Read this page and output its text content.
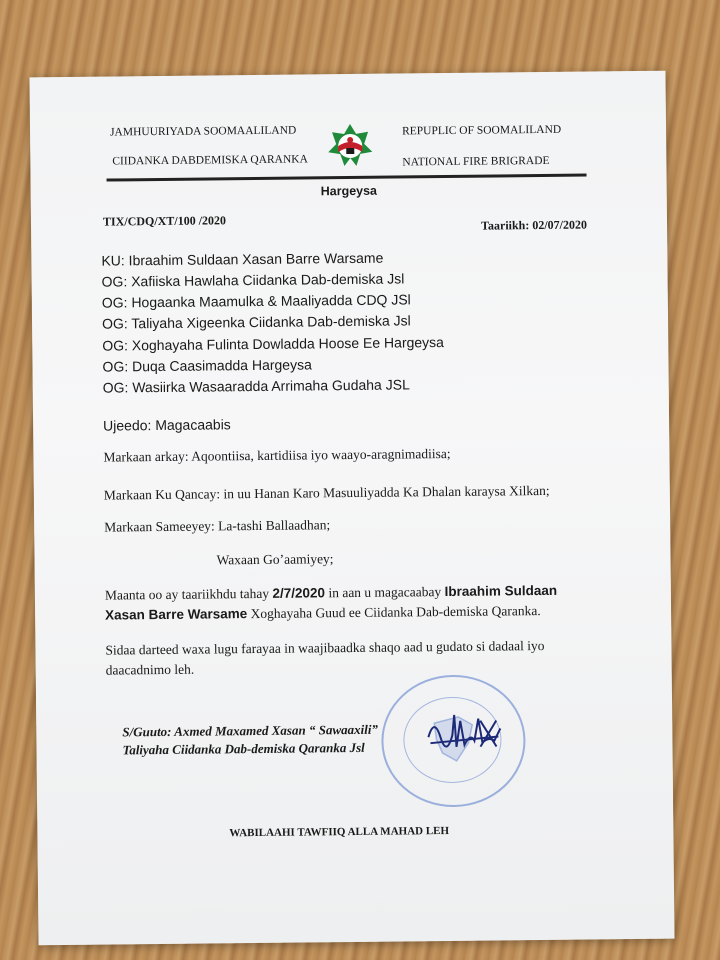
JAMHUURIYADA SOOMAALILAND
CIIDANKA DABDEMISKA QARANKA
REPUPLIC OF SOOMALILAND
NATIONAL FIRE BRIGRADE
Hargeysa
TIX/CDQ/XT/100 /2020	Taariikh: 02/07/2020
KU: Ibraahim Suldaan Xasan Barre Warsame
OG: Xafiiska Hawlaha Ciidanka Dab-demiska Jsl
OG: Hogaanka Maamulka & Maaliyadda CDQ JSl
OG: Taliyaha Xigeenka Ciidanka Dab-demiska Jsl
OG: Xoghayaha Fulinta Dowladda Hoose Ee Hargeysa
OG: Duqa Caasimadda Hargeysa
OG: Wasiirka Wasaaradda Arrimaha Gudaha JSL
Ujeedo: Magacaabis
Markaan arkay: Aqoontiisa, kartidiisa iyo waayo-aragnimadiisa;
Markaan Ku Qancay: in uu Hanan Karo Masuuliyadda Ka Dhalan karaysa Xilkan;
Markaan Sameeyey: La-tashi Ballaadhan;
Waxaan Go’aamiyey;
Maanta oo ay taariikhdu tahay 2/7/2020 in aan u magacaabay Ibraahim Suldaan
Xasan Barre Warsame Xoghayaha Guud ee Ciidanka Dab-demiska Qaranka.
Sidaa darteed waxa lugu farayaa in waajibaadka shaqo aad u gudato si dadaal iyo
daacadnimo leh.
S/Guuto: Axmed Maxamed Xasan “ Sawaaxili”
Taliyaha Ciidanka Dab-demiska Qaranka Jsl
WABILAAHI TAWFIIQ ALLA MAHAD LEH
